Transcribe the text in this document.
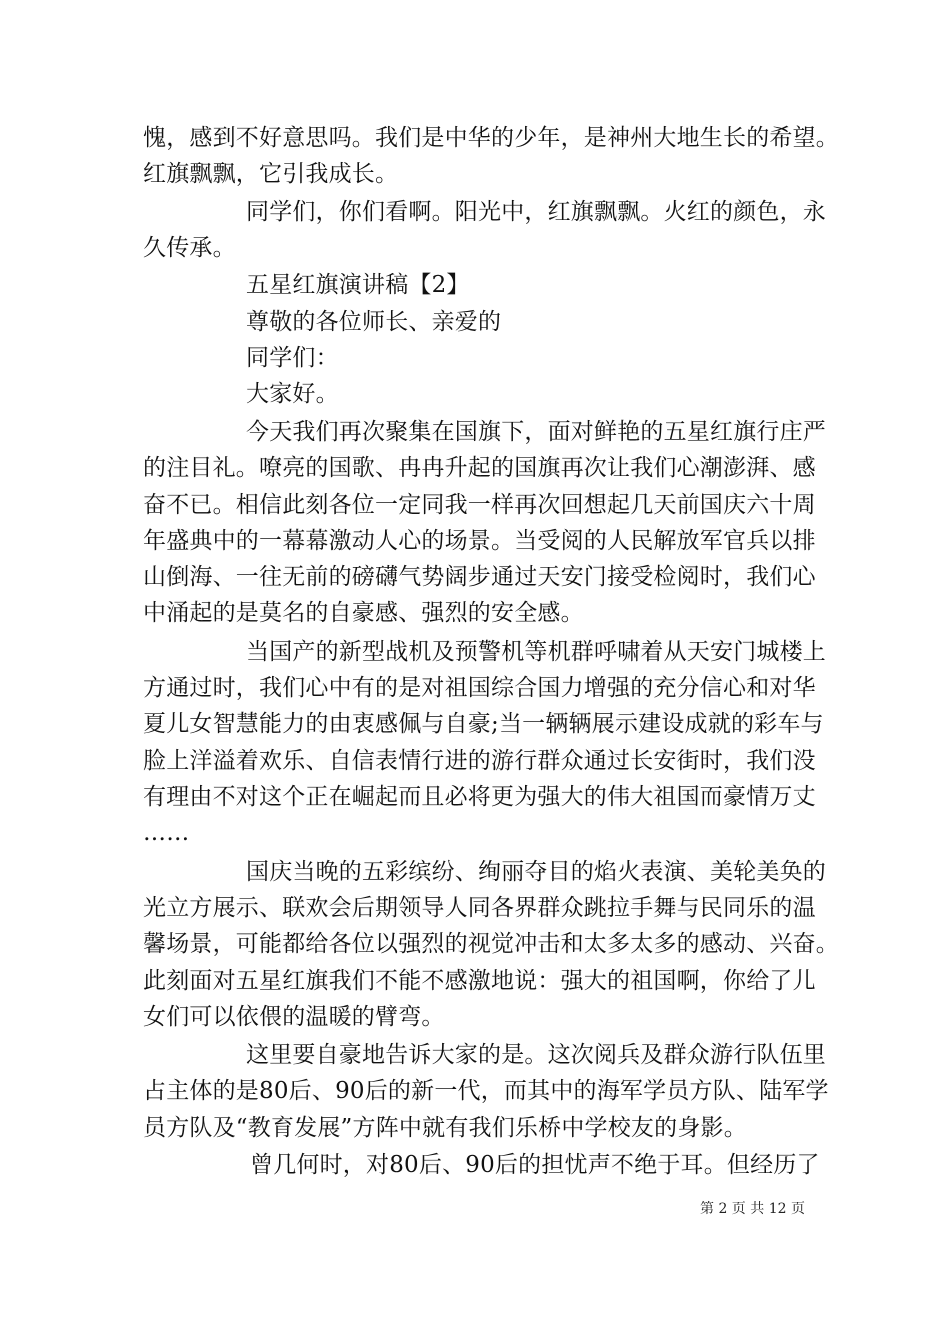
愧，感到不好意思吗。我们是中华的少年，是神州大地生长的希望。
红旗飘飘，它引我成长。
同学们，你们看啊。阳光中，红旗飘飘。火红的颜色，永
久传承。
五星红旗演讲稿【2】
尊敬的各位师长、亲爱的
同学们：
大家好。
今天我们再次聚集在国旗下，面对鲜艳的五星红旗行庄严
的注目礼。嘹亮的国歌、冉冉升起的国旗再次让我们心潮澎湃、感
奋不已。相信此刻各位一定同我一样再次回想起几天前国庆六十周
年盛典中的一幕幕激动人心的场景。当受阅的人民解放军官兵以排
山倒海、一往无前的磅礴气势阔步通过天安门接受检阅时，我们心
中涌起的是莫名的自豪感、强烈的安全感。
当国产的新型战机及预警机等机群呼啸着从天安门城楼上
方通过时，我们心中有的是对祖国综合国力增强的充分信心和对华
夏儿女智慧能力的由衷感佩与自豪;当一辆辆展示建设成就的彩车与
脸上洋溢着欢乐、自信表情行进的游行群众通过长安街时，我们没
有理由不对这个正在崛起而且必将更为强大的伟大祖国而豪情万丈
……
国庆当晚的五彩缤纷、绚丽夺目的焰火表演、美轮美奂的
光立方展示、联欢会后期领导人同各界群众跳拉手舞与民同乐的温
馨场景，可能都给各位以强烈的视觉冲击和太多太多的感动、兴奋。
此刻面对五星红旗我们不能不感激地说：强大的祖国啊，你给了儿
女们可以依偎的温暖的臂弯。
这里要自豪地告诉大家的是。这次阅兵及群众游行队伍里
占主体的是80后、90后的新一代，而其中的海军学员方队、陆军学
员方队及“教育发展”方阵中就有我们乐桥中学校友的身影。
曾几何时，对80后、90后的担忧声不绝于耳。但经历了
第 2 页 共 12 页
